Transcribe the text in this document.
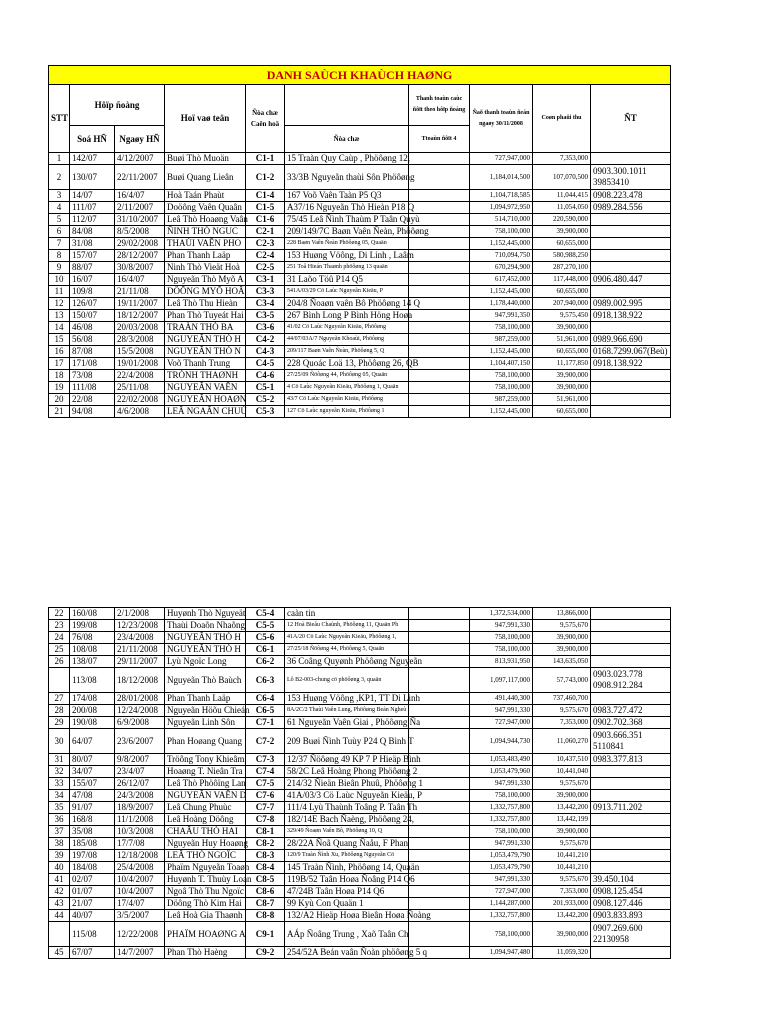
DANH SAÙCH KHAÙCH HAØNG									
STT	Hôïp ñoàng		Hoï vaø teân	Ñòa chæ Caên hoä		Thanh toaùn caùc ñôït theo hôïp ñoàng	Ñaõ thanh toaùn ñeán ngaøy 30/11/2008	Coøn phaûi thu	ÑT
	Soá HÑ	Ngaøy HÑ				Ttoaùn ñôït 4			
					Ñòa chæ				
1	142/07	4/12/2007	Buøi Thò Muoän	C1-1	15 Traàn Quy Caùp , Phöôøng 12,		727,947,000	7,353,000	
2	130/07	22/11/2007	Buøi Quang Lieân	C1-2	33/3B Nguyeãn thaùi Sôn Phöôøng		1,184,014,500	107,070,500	0903.300.1011 39853410
3	14/07	16/4/07	Hoà Taán Phaùt	C1-4	167 Voõ Vaên Taàn P5 Q3		1,104,718,585	11,044,415	0908.223.478
4	111/07	2/11/2007	Doöông Vaên Quaân	C1-5	A37/16 Nguyeãn Thò Hieàn P18 Q		1,094,972,950	11,054,050	0989.284.556
5	112/07	31/10/2007	Leâ Thò Hoaøng Vaân	C1-6	75/45 Leâ Ñình Thaùm P Taân Quyù		514,710,000	220,590,000	
6	84/08	8/5/2008	ÑINH THÒ NGUC	C2-1	209/149/7C Baøn Vaên Ñeàn, Phöôøng		758,100,000	39,900,000	
7	31/08	29/02/2008	THAÙI VAÊN PHO	C2-3	228 Baøn Vaên Ñeàn Phöôøng 05, Quaän		1,152,445,000	60,655,000	
8	157/07	28/12/2007	Phan Thanh Laäp	C2-4	153 Huøng Vöông, Di Linh , Laâm		710,094,750	580,988,250	
9	88/07	30/8/2007	Ninh Thò Vieät Hoà	C2-5	251 Toâ Hieán Thaønh phöôøng 13 quaän		670,294,900	287,270,100	
10	16/07	16/4/07	Nguyeãn Thò Myõ A	C3-1	31 Laõo Töû P14 Q5		617,452,000	117,448,000	0906.480.447
11	109/8	21/11/08	DÖÔNG MYÕ HOÂ	C3-3	541A/03/29 Cö Laùc Nguyeãn Kieäu, P		1,152,445,000	60,655,000	
12	126/07	19/11/2007	Leâ Thò Thu Hieàn	C3-4	204/8 Ñoaøn vaên Bô Phöôøng 14 Q		1,178,440,000	207,940,000	0989.002.995
13	150/07	18/12/2007	Phan Thò Tuyeát Hai	C3-5	267 Bình Long P Bình Höng Hoøa		947,991,350	9,575,450	0918.138.922
14	46/08	20/03/2008	TRAÀN THÒ BA	C3-6	41/02 Cö Laùc Nguyeãn Kieäu, Phöôøng		758,100,000	39,900,000	
15	56/08	28/3/2008	NGUYEÃN THÒ H	C4-2	44/07/03A/7 Nguyeãn Khoaùi, Phöôøng		987,259,000	51,961,000	0989.966.690
16	87/08	15/5/2008	NGUYEÃN THÒ N	C4-3	209/117 Baøn Vaên Ñeàn, Phöôøng 5, Q		1,152,445,000	60,655,000	0168.7299.067(Beù)
17	171/08	19/01/2008	Voõ Thanh Trung	C4-5	228 Quoác Loä 13, Phöôøng 26, QB		1,104,407,150	11,177,850	0918.138.922
18	73/08	22/4/2008	TRÒNH THAØNH	C4-6	27/25/09 Ñöôøng 44, Phöôøng 05, Quaän		758,100,000	39,900,000	
19	111/08	25/11/08	NGUYEÃN VAÊN	C5-1	4 Cö Laùc Nguyeãn Kieäu, Phöôøng 1, Quaän		758,100,000	39,900,000	
20	22/08	22/02/2008	NGUYEÃN HOAØN	C5-2	43/7 Cö Laùc Nguyeãn Kieäu, Phöôøng		987,259,000	51,961,000	
21	94/08	4/6/2008	LEÂ NGAÂN CHUÙ	C5-3	127 Cö Laùc nguyeãn Kieäu, Phöôøng 1		1,152,445,000	60,655,000	
22	160/08	2/1/2008	Huyønh Thò Nguyeät	C5-4	caàn tin		1,372,534,000	13,866,000	
23	199/08	12/23/2008	Thaùi Doaõn Nhaõng	C5-5	12 Hoà Bieåu Chaùnh, Phöôøng 11, Quaän Ph		947,991,330	9,575,670	
24	76/08	23/4/2008	NGUYEÃN THÒ H	C5-6	41A/20 Cö Laùc Nguyeãn Kieäu, Phöôøng 1,		758,100,000	39,900,000	
25	108/08	21/11/2008	NGUYEÃN THÒ H	C6-1	27/25/18 Ñöôøng 44, Phöôøng 5, Quaän		758,100,000	39,900,000	
26	138/07	29/11/2007	Lyù Ngoïc Long	C6-2	36 Coâng Quyønh Phöôøng Nguyeãn		813,931,950	143,635,050	
	113/08	18/12/2008	Nguyeãn Thò Baùch	C6-3	Lô B2-003-chung cö phöôøng 3, quaän		1,097,117,000	57,743,000	0903.023.778 0908.912.284
27	174/08	28/01/2008	Phan Thanh Laäp	C6-4	153 Huøng Vöông ,KP1, TT Di Linh		491,440,300	737,460,700	
28	200/08	12/24/2008	Nguyeãn Höõu Chieán	C6-5	8A/2C/2 Thaùi Vaên Lung, Phöôøng Beán Ngheù		947,991,330	9,575,670	0983.727.472
29	190/08	6/9/2008	Nguyeãn Linh Sôn	C7-1	61 Nguyeãn Vaên Giai , Phöôøng Ña		727,947,000	7,353,000	0902.702.368
30	64/07	23/6/2007	Phan Hoøang Quang	C7-2	209 Buøi Ñình Tuùy P24 Q Bình T		1,094,944,730	11,060,270	0903.666.351 5110841
31	80/07	9/8/2007	Tröông Tony Khieâm	C7-3	12/37 Ñöôøng 49 KP 7 P Hieäp Bình		1,053,483,490	10,437,510	0983.377.813
32	34/07	23/4/07	Hoaøng T. Nieân Tra	C7-4	58/2C Leâ Hoàng Phong Phöôøng 2		1,053,479,960	10,441,040	
33	155/07	26/12/07	Leâ Thò Phöôïng Lan	C7-5	214/32 Ñieän Bieân Phuû, Phöôøng 1		947,991,330	9,575,670	
34	47/08	24/3/2008	NGUYEÃN VAÊN D	C7-6	41A/03/3 Cö Laùc Nguyeãn Kieäu, P		758,100,000	39,900,000	
35	91/07	18/9/2007	Leâ Chung Phuùc	C7-7	111/4 Lyù Thaùnh Toâng P. Taân Th		1,332,757,800	13,442,200	0913.711.202
36	168/8	11/1/2008	Leâ Hoàng Döông	C7-8	182/14E Bach Ñaèng, Phöôøng 24,		1,332,757,800	13,442,199	
37	35/08	10/3/2008	CHAÂU THÒ HAI	C8-1	329/49 Ñoaøn Vaên Bô, Phöôøng 10, Q		758,100,000	39,900,000	
38	185/08	17/7/08	Nguyeãn Huy Hoaøng	C8-2	28/22A Ñoã Quang Ñaåu, F Phan		947,991,330	9,575,670	
39	197/08	12/18/2008	LEÂ THÒ NGOÏC	C8-3	120/9 Traàn Ñình Xu, Phöôøng Nguyeãn Cö		1,053,479,790	10,441,210	
40	184/08	25/4/2008	Phaïm Nguyeãn Toaøn	C8-4	145 Traàn Ñình, Phöôøng 14, Quaän		1,053,479,790	10,441,210	
41	02/07	10/4/2007	Huyønh T. Thuùy Loan	C8-5	119B/52 Taân Hoøa Ñoâng P14 Q6		947,991,330	9,575,670	39.450.104
42	01/07	10/4/2007	Ngoâ Thò Thu Ngoïc	C8-6	47/24B Taân Hoøa P14 Q6		727,947,000	7,353,000	0908.125.454
43	21/07	17/4/07	Döông Thò Kim Hai	C8-7	99 Kyù Con Quaän 1		1,144,287,000	201,933,000	0908.127.446
44	40/07	3/5/2007	Leâ Hoà Gia Thaønh	C8-8	132/A2 Hieäp Hoøa Bieân Hoøa Ñoàng		1,332,757,800	13,442,200	0903.833.893
	115/08	12/22/2008	PHAÏM HOAØNG A	C9-1	AÁp Ñoâng Trung , Xaõ Taân Ch		758,100,000	39,900,000	0907.269.600 22130958
45	67/07	14/7/2007	Phan Thò Haèng	C9-2	254/52A Beán vaân Ñoàn phöôøng 5 q		1,094,947,480	11,059,320	
